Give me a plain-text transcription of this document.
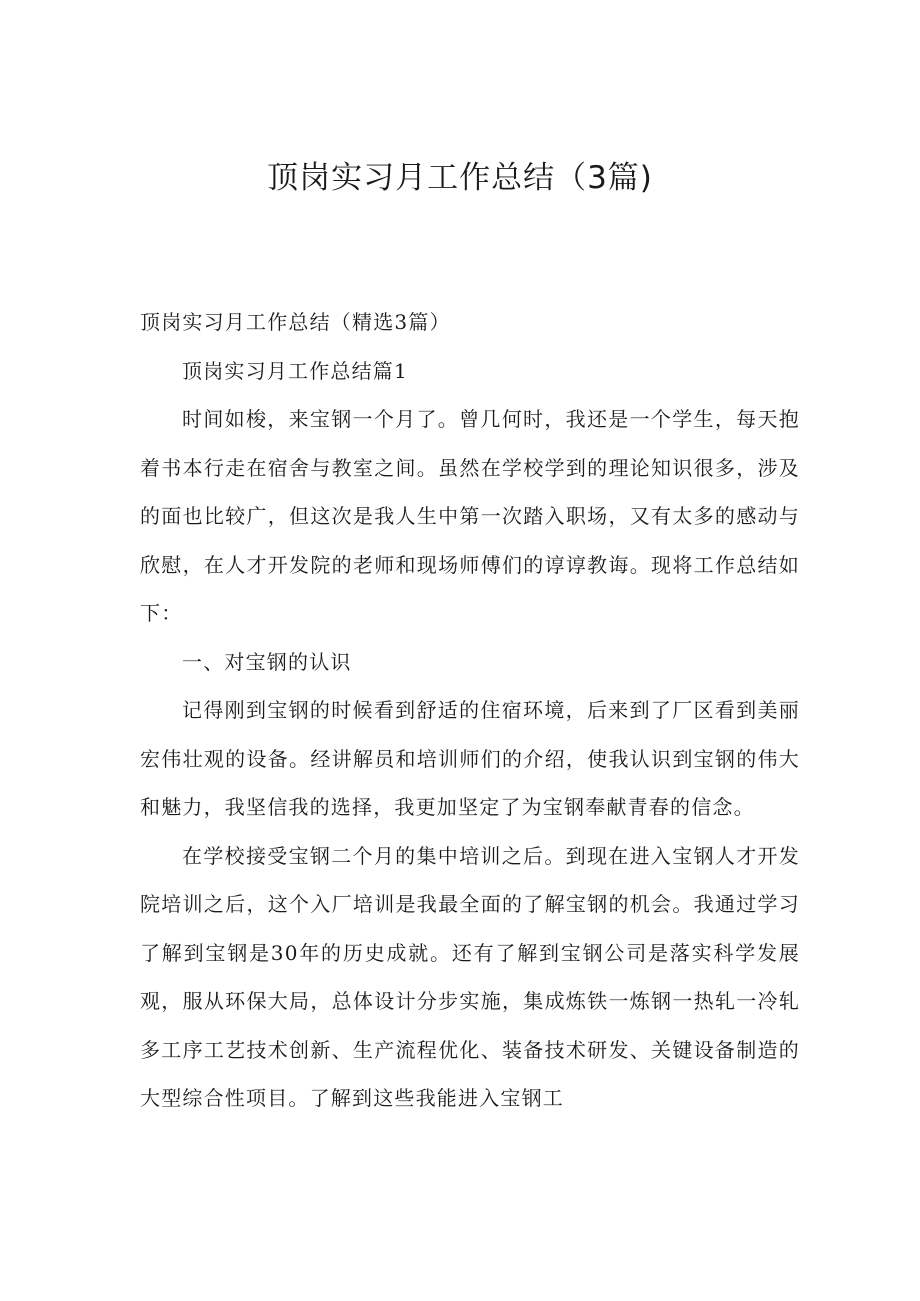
顶岗实习月工作总结（3篇)

顶岗实习月工作总结（精选3篇）

顶岗实习月工作总结篇1

时间如梭，来宝钢一个月了。曾几何时，我还是一个学生，每天抱着书本行走在宿舍与教室之间。虽然在学校学到的理论知识很多，涉及的面也比较广，但这次是我人生中第一次踏入职场，又有太多的感动与欣慰，在人才开发院的老师和现场师傅们的谆谆教诲。现将工作总结如下：

一、对宝钢的认识

记得刚到宝钢的时候看到舒适的住宿环境，后来到了厂区看到美丽宏伟壮观的设备。经讲解员和培训师们的介绍，使我认识到宝钢的伟大和魅力，我坚信我的选择，我更加坚定了为宝钢奉献青春的信念。

在学校接受宝钢二个月的集中培训之后。到现在进入宝钢人才开发院培训之后，这个入厂培训是我最全面的了解宝钢的机会。我通过学习了解到宝钢是30年的历史成就。还有了解到宝钢公司是落实科学发展观，服从环保大局，总体设计分步实施，集成炼铁一炼钢一热轧一冷轧多工序工艺技术创新、生产流程优化、装备技术研发、关键设备制造的大型综合性项目。了解到这些我能进入宝钢工
